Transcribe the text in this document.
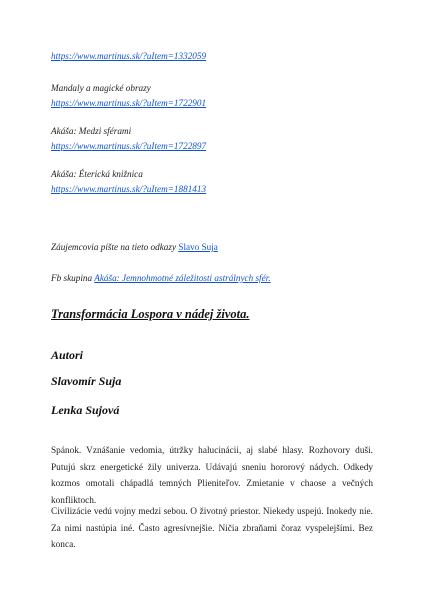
https://www.martinus.sk/?uItem=1332059
Mandaly a magické obrazy
https://www.martinus.sk/?uItem=1722901
Akáša: Medzi sférami
https://www.martinus.sk/?uItem=1722897
Akáša: Éterická knižnica
https://www.martinus.sk/?uItem=1881413
Záujemcovia píšte na tieto odkazy Slavo Suja
Fb skupina Akáša: Jemnohmotné záležitosti astrálnych sfér.
Transformácia Lospora v nádej života.
Autori
Slavomír Suja
Lenka Sujová
Spánok. Vznášanie vedomia, útržky halucinácii, aj slabé hlasy. Rozhovory duši. Putujú skrz energetické žily univerza. Udávajú sneniu hororový nádych. Odkedy kozmos omotali chápadlá temných Plieniteľov. Zmietanie v chaose a večných konfliktoch.
Civilizácie vedú vojny medzi sebou. O životný priestor. Niekedy uspejú. Inokedy nie. Za nimi nastúpia iné. Často agresívnejšie. Ničia zbraňami čoraz vyspelejšími. Bez konca.
